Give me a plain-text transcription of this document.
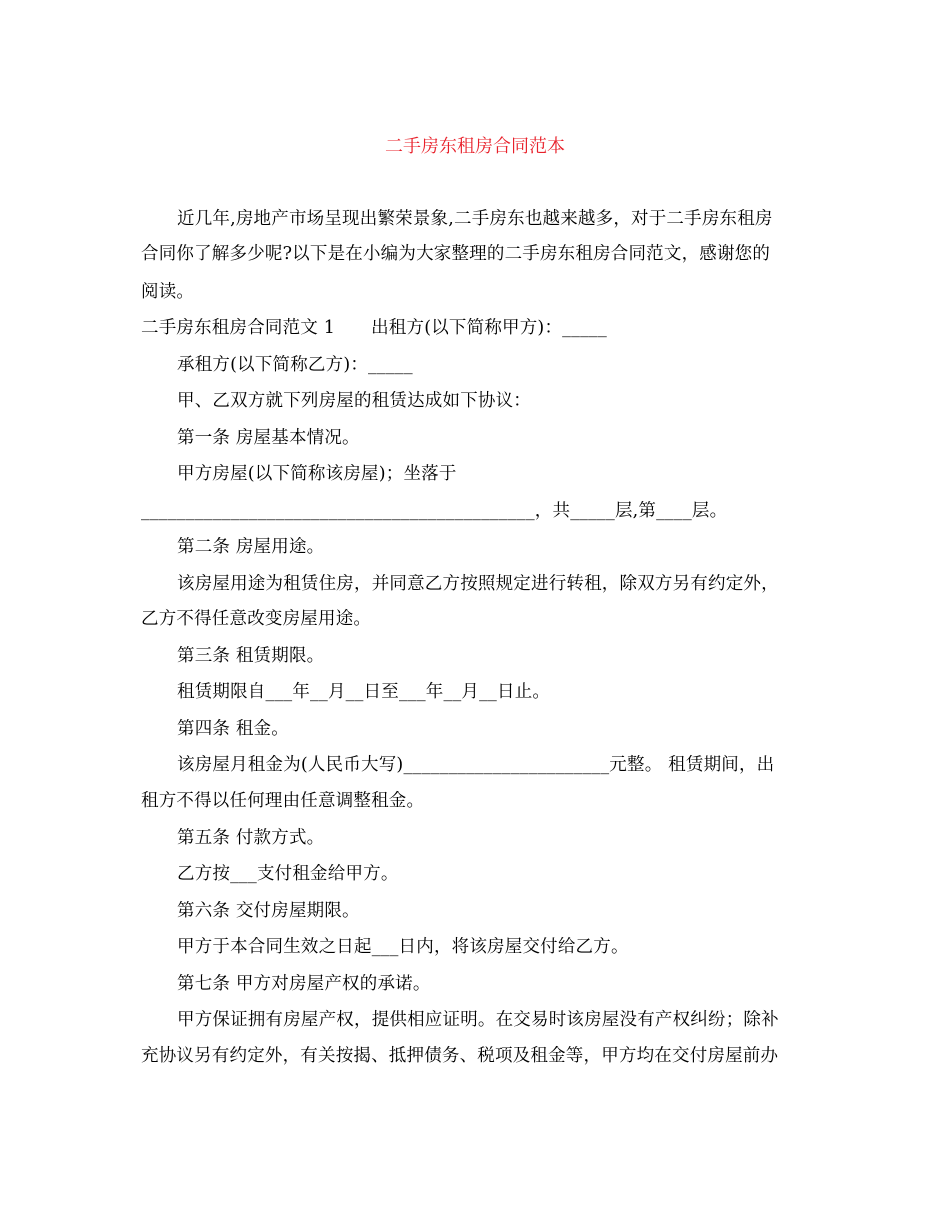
二手房东租房合同范本
近几年,房地产市场呈现出繁荣景象,二手房东也越来越多，对于二手房东租房
合同你了解多少呢?以下是在小编为大家整理的二手房东租房合同范文，感谢您的
阅读。
二手房东租房合同范文 1 出租方(以下简称甲方)：_____
承租方(以下简称乙方)：_____
甲、乙双方就下列房屋的租赁达成如下协议：
第一条 房屋基本情况。
甲方房屋(以下简称该房屋)；坐落于
____________________________________________，共_____层,第____层。
第二条 房屋用途。
该房屋用途为租赁住房，并同意乙方按照规定进行转租，除双方另有约定外，
乙方不得任意改变房屋用途。
第三条 租赁期限。
租赁期限自___年__月__日至___年__月__日止。
第四条 租金。
该房屋月租金为(人民币大写)_______________________元整。 租赁期间，出
租方不得以任何理由任意调整租金。
第五条 付款方式。
乙方按___支付租金给甲方。
第六条 交付房屋期限。
甲方于本合同生效之日起___日内，将该房屋交付给乙方。
第七条 甲方对房屋产权的承诺。
甲方保证拥有房屋产权，提供相应证明。在交易时该房屋没有产权纠纷；除补
充协议另有约定外，有关按揭、抵押债务、税项及租金等，甲方均在交付房屋前办
